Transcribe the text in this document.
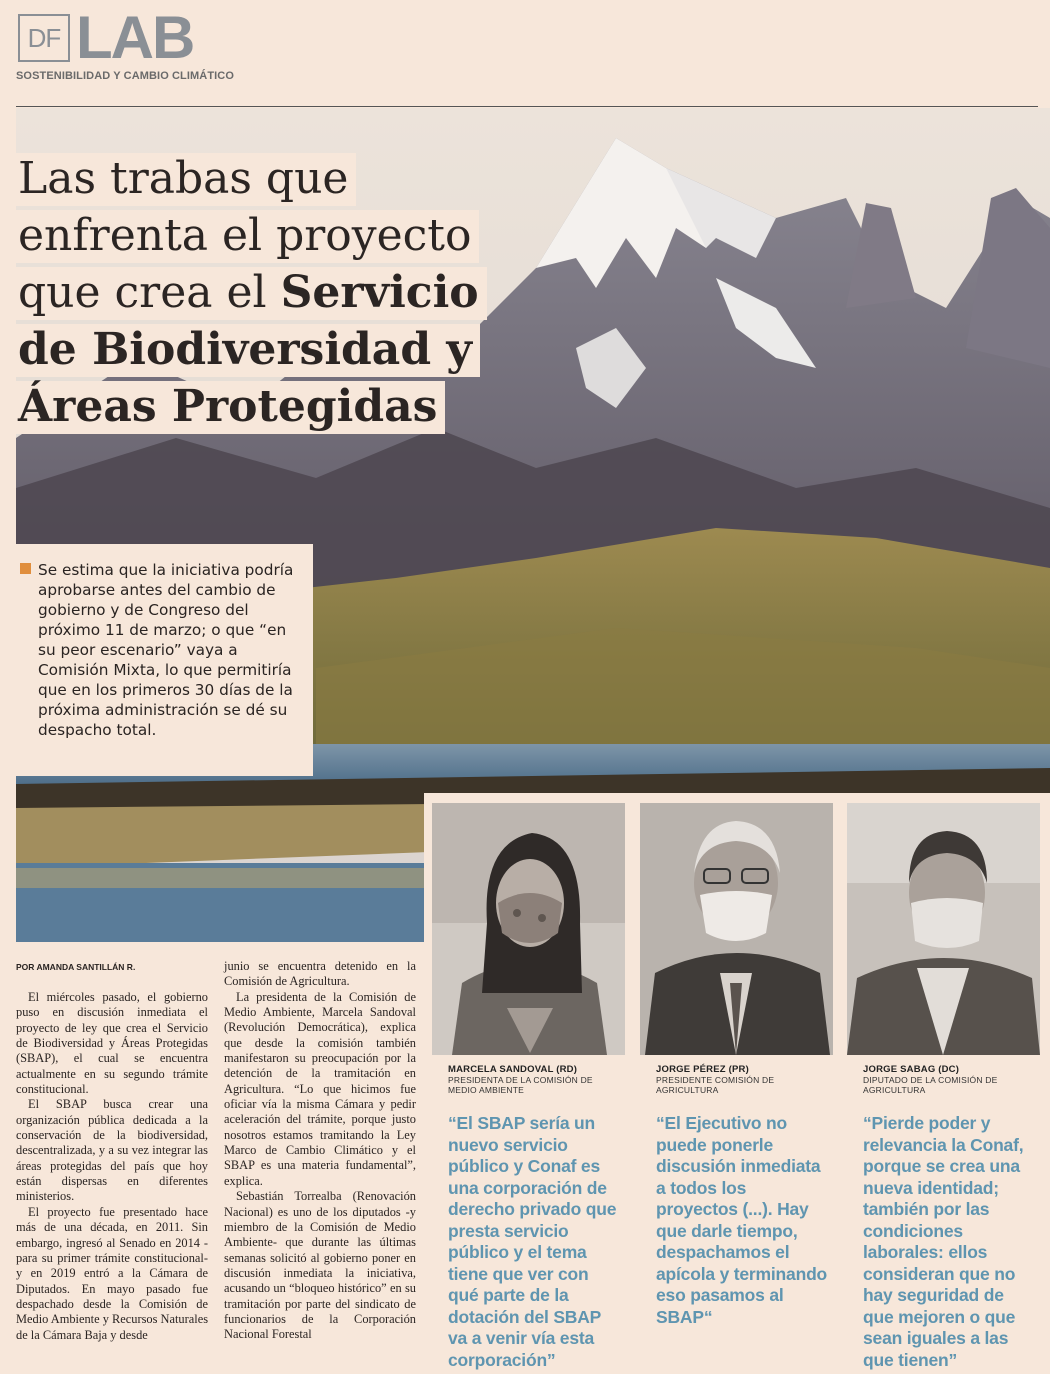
DF LAB
SOSTENIBILIDAD Y CAMBIO CLIMÁTICO
Las trabas que
enfrenta el proyecto
que crea el Servicio
de Biodiversidad y
Áreas Protegidas

Se estima que la iniciativa podría aprobarse antes del cambio de gobierno y de Congreso del próximo 11 de marzo; o que “en su peor escenario” vaya a Comisión Mixta, lo que permitiría que en los primeros 30 días de la próxima administración se dé su despacho total.

MARCELA SANDOVAL (RD)
PRESIDENTA DE LA COMISIÓN DE MEDIO AMBIENTE
“El SBAP sería un nuevo servicio público y Conaf es una corporación de derecho privado que presta servicio público y el tema tiene que ver con qué parte de la dotación del SBAP va a venir vía esta corporación”
JORGE PÉREZ (PR)
PRESIDENTE COMISIÓN DE AGRICULTURA
“El Ejecutivo no puede ponerle discusión inmediata a todos los proyectos (...). Hay que darle tiempo, despachamos el apícola y terminando eso pasamos al SBAP“
JORGE SABAG (DC)
DIPUTADO DE LA COMISIÓN DE AGRICULTURA
“Pierde poder y relevancia la Conaf, porque se crea una nueva identidad; también por las condiciones laborales: ellos consideran que no hay seguridad de que mejoren o que sean iguales a las que tienen”
POR AMANDA SANTILLÁN R.

El miércoles pasado, el gobierno puso en discusión inmediata el proyecto de ley que crea el Servicio de Biodiversidad y Áreas Protegidas (SBAP), el cual se encuentra actualmente en su segundo trámite constitucional.

El SBAP busca crear una organización pública dedicada a la conservación de la biodiversidad, descentralizada, y a su vez integrar las áreas protegidas del país que hoy están dispersas en diferentes ministerios.

El proyecto fue presentado hace más de una década, en 2011. Sin embargo, ingresó al Senado en 2014 -para su primer trámite constitucional- y en 2019 entró a la Cámara de Diputados. En mayo pasado fue despachado desde la Comisión de Medio Ambiente y Recursos Naturales de la Cámara Baja y desde

junio se encuentra detenido en la Comisión de Agricultura.

La presidenta de la Comisión de Medio Ambiente, Marcela Sandoval (Revolución Democrática), explica que desde la comisión también manifestaron su preocupación por la detención de la tramitación en Agricultura. “Lo que hicimos fue oficiar vía la misma Cámara y pedir aceleración del trámite, porque justo nosotros estamos tramitando la Ley Marco de Cambio Climático y el SBAP es una materia fundamental”, explica.

Sebastián Torrealba (Renovación Nacional) es uno de los diputados -y miembro de la Comisión de Medio Ambiente- que durante las últimas semanas solicitó al gobierno poner en discusión inmediata la iniciativa, acusando un “bloqueo histórico” en su tramitación por parte del sindicato de funcionarios de la Corporación Nacional Forestal
